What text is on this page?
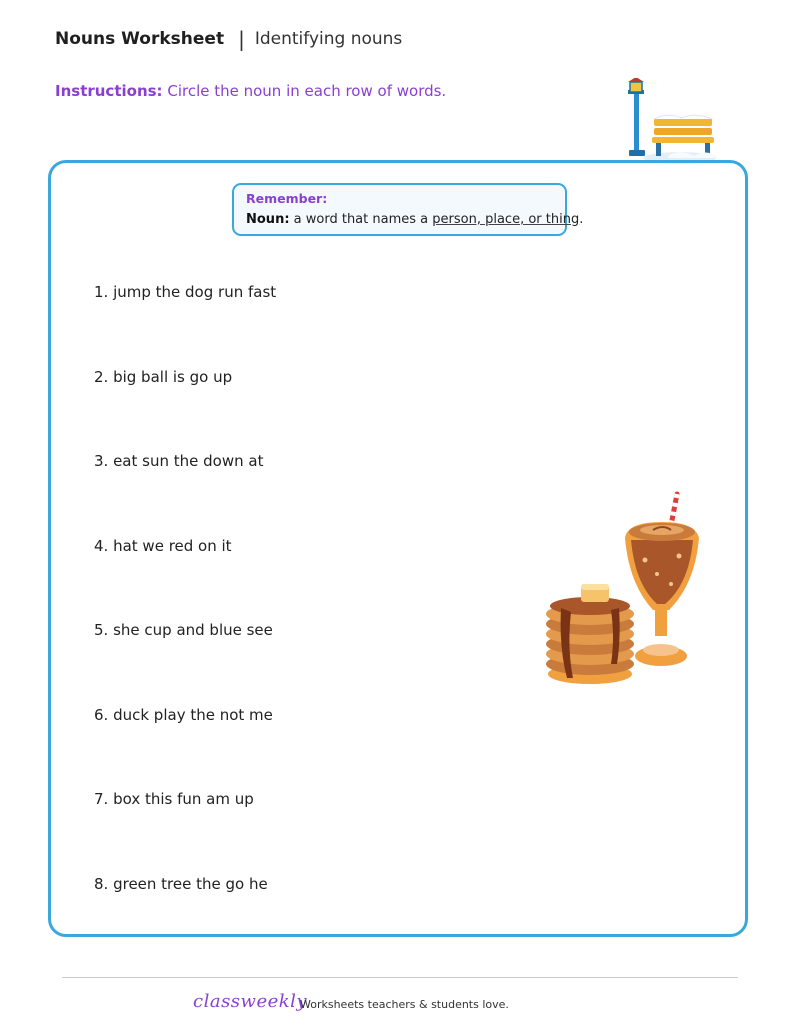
Nouns Worksheet | Identifying nouns
Instructions: Circle the noun in each row of words.
Remember:
Noun: a word that names a person, place, or thing.
1. jump the dog run fast
2. big ball is go up
3. eat sun the down at
4. hat we red on it
5. she cup and blue see
6. duck play the not me
7. box this fun am up
8. green tree the go he
classweekly
Worksheets teachers & students love.
